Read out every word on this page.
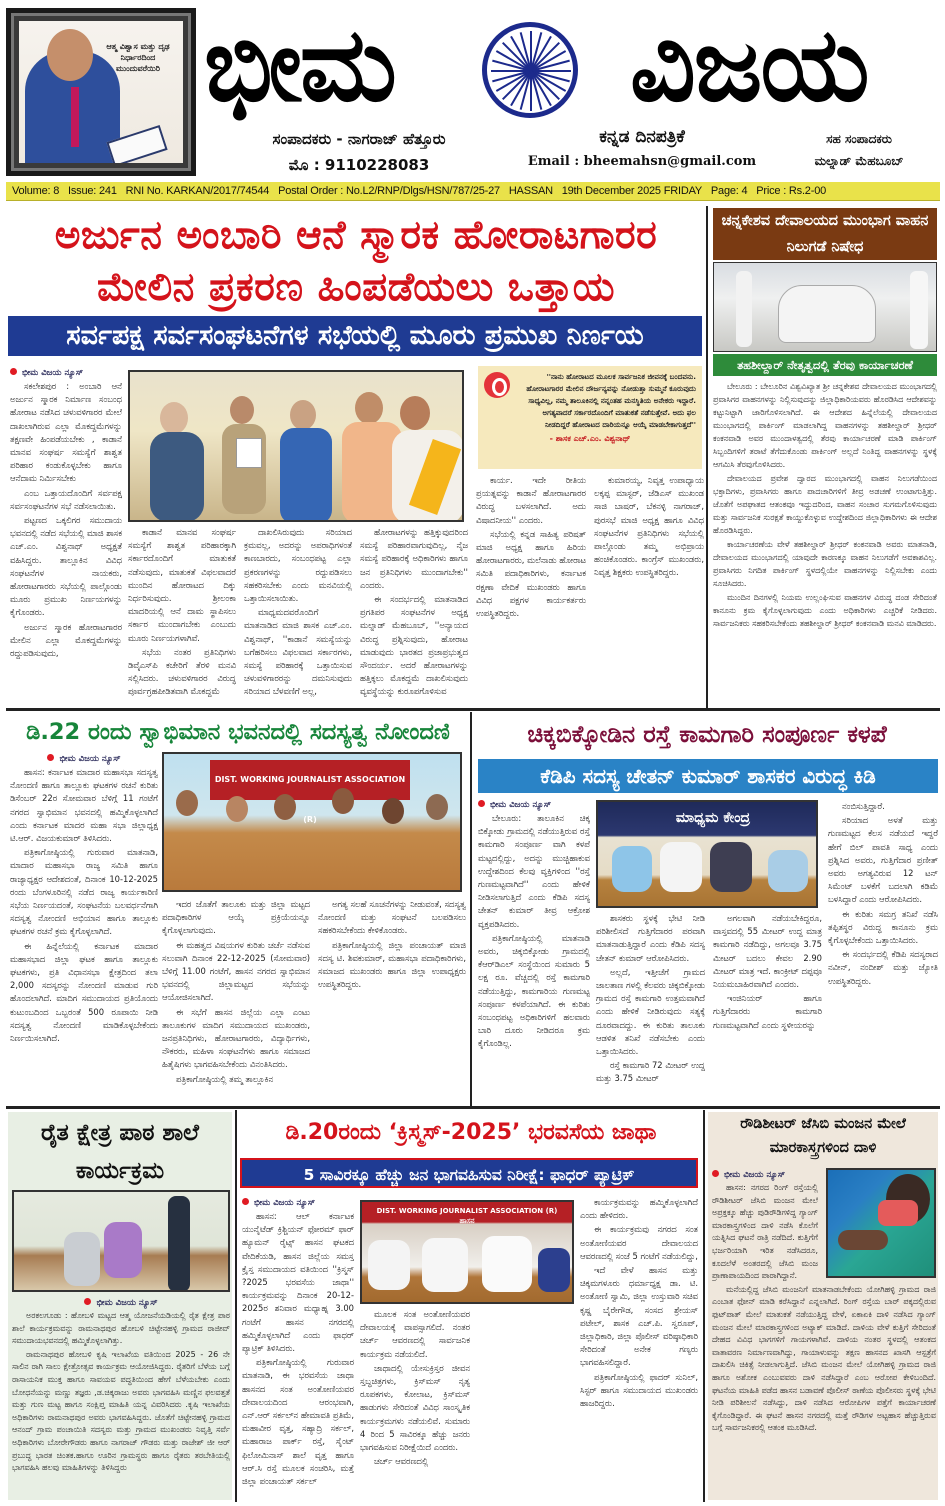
ಆತ್ಮ ವಿಶ್ವಾಸ ಮತ್ತು ದೃಢ ನಿರ್ಧಾರದಿಂದ ಮುಂದುವರೆಯಿರಿ ಭೀಮ ವಿಜಯ
ಸಂಪಾದಕರು - ನಾಗರಾಜ್ ಹೆತ್ತೂರು
ಮೊ : 9110228083
ಕನ್ನಡ ದಿನಪತ್ರಿಕೆ
Email : bheemahsn@gmail.com
ಸಹ ಸಂಪಾದಕರು
ಮಲ್ನಾಡ್ ಮೆಹಬೂಬ್
Volume: 8 Issue: 241 RNI No. KARKAN/2017/74544 Postal Order : No.L2/RNP/Dlgs/HSN/787/25-27 HASSAN 19th December 2025 FRIDAY Page: 4 Price : Rs.2-00
ಅರ್ಜುನ ಅಂಬಾರಿ ಆನೆ ಸ್ಮಾರಕ ಹೋರಾಟಗಾರರ
ಮೇಲಿನ ಪ್ರಕರಣ ಹಿಂಪಡೆಯಲು ಒತ್ತಾಯ
ಸರ್ವಪಕ್ಷ ಸರ್ವಸಂಘಟನೆಗಳ ಸಭೆಯಲ್ಲಿ ಮೂರು ಪ್ರಮುಖ ನಿರ್ಣಯ
ಭೀಮ ವಿಜಯ ನ್ಯೂಸ್

ಸಕಲೇಶಪುರ : ಅಂಬಾರಿ ಆನೆ ಅರ್ಜುನ ಸ್ಮಾರಕ ನಿರ್ಮಾಣ ಸಂಬಂಧ ಹೋರಾಟ ನಡೆಸಿದ ಚಳುವಳಿಗಾರರ ಮೇಲೆ ದಾಖಲಾಗಿರುವ ಎಲ್ಲಾ ಮೊಕದ್ದಮೆಗಳನ್ನು ತಕ್ಷಣವೇ ಹಿಂಪಡೆಯಬೇಕು , ಕಾಡಾನೆ ಮಾನವ ಸಂಘರ್ಷ ಸಮಸ್ಯೆಗೆ ಶಾಶ್ವತ ಪರಿಹಾರ ಕಂಡುಕೊಳ್ಳಬೇಕು ಹಾಗೂ ಆನೆದಾಮ ನಿರ್ಮಿಸಬೇಕು

ಎಂಬ ಒತ್ತಾಯದೊಂದಿಗೆ ಸರ್ವಪಕ್ಷ ಸರ್ವಸಂಘಟನೆಗಳ ಸಭೆ ನಡೆಸಲಾಯಿತು.

ಪಟ್ಟಣದ ಒಕ್ಕಲಿಗರ ಸಮುದಾಯ ಭವನದಲ್ಲಿ ನಡೆದ ಸಭೆಯಲ್ಲಿ ಮಾಜಿ ಶಾಸಕ ಎಚ್.ಎಂ. ವಿಶ್ವನಾಥ್ ಅಧ್ಯಕ್ಷತೆ ವಹಿಸಿದ್ದರು. ತಾಲ್ಲೂಕಿನ ವಿವಿಧ ಸಂಘಟನೆಗಳ ನಾಯಕರು, ಹೋರಾಟಗಾರರು ಸಭೆಯಲ್ಲಿ ಪಾಲ್ಗೊಂಡು ಮೂರು ಪ್ರಮುಖ ನಿರ್ಣಯಗಳನ್ನು ಕೈಗೊಂಡರು.

ಅರ್ಜುನ ಸ್ಮಾರಕ ಹೋರಾಟಗಾರರ ಮೇಲಿನ ಎಲ್ಲಾ ಮೊಕದ್ದಮೆಗಳನ್ನು ರದ್ದುಪಡಿಸುವುದು,

ಕಾಡಾನೆ ಮಾನವ ಸಂಘರ್ಷ ಸಮಸ್ಯೆಗೆ ಶಾಶ್ವತ ಪರಿಹಾರಕ್ಕಾಗಿ ಸರ್ಕಾರದೊಂದಿಗೆ ಮಾತುಕತೆ ನಡೆಸುವುದು, ಮಾತುಕತೆ ವಿಫಲವಾದರೆ ಮುಂದಿನ ಹೋರಾಟದ ದಿಕ್ಕು ನಿರ್ಧರಿಸುವುದು. ಶ್ರೀಲಂಕಾ ಮಾದರಿಯಲ್ಲಿ ಆನೆ ದಾಮ ಸ್ಥಾಪಿಸಲು ಸರ್ಕಾರ ಮುಂದಾಗಬೇಕು ಎಂಬುದು ಮೂರು ನಿರ್ಣಯಗಳಾಗಿವೆ.

ಸಭೆಯ ನಂತರ ಪ್ರತಿನಿಧಿಗಳು ಡಿವೈಎಸ್‌ಪಿ ಕಚೇರಿಗೆ ತೆರಳಿ ಮನವಿ ಸಲ್ಲಿಸಿದರು. ಚಳುವಳಿಗಾರರ ವಿರುದ್ಧ ಪೂರ್ವಗ್ರಹಪೀಡಿತವಾಗಿ ಮೊಕದ್ದಮೆ

ದಾಖಲಿಸಿರುವುದು ಸರಿಯಾದ ಕ್ರಮವಲ್ಲ, ಅದರನ್ನು ಅಪರಾಧಿಗಳಂತೆ ಕಾಣಬಾರದು, ಸಂಬಂಧಪಟ್ಟ ಎಲ್ಲಾ ಪ್ರಕರಣಗಳನ್ನು ರದ್ದುಪಡಿಸಲು ಸಹಕರಿಸಬೇಕು ಎಂದು ಮನವಿಯಲ್ಲಿ ಒತ್ತಾಯಿಸಲಾಯಿತು.

ಮಾಧ್ಯಮದವರೊಂದಿಗೆ ಮಾತನಾಡಿದ ಮಾಜಿ ಶಾಸಕ ಎಚ್.ಎಂ. ವಿಶ್ವನಾಥ್, ''ಕಾಡಾನೆ ಸಮಸ್ಯೆಯನ್ನು ಬಗೆಹರಿಸಲು ವಿಫಲವಾದ ಸರ್ಕಾರಗಳು, ಸಮಸ್ಯೆ ಪರಿಹಾರಕ್ಕೆ ಒತ್ತಾಯಿಸುವ ಚಳುವಳಿಗಾರರನ್ನು ದಮನಿಸುವುದು ಸರಿಯಾದ ಬೆಳವಣಿಗೆ ಅಲ್ಲ,

ಹೋರಾಟಗಳನ್ನು ಹತ್ತಿಕ್ಕುವುದರಿಂದ ಸಮಸ್ಯೆ ಪರಿಹಾರವಾಗುವುದಿಲ್ಲ, ನೈಜ ಸಮಸ್ಯೆ ಪರಿಹಾರಕ್ಕೆ ಅಧಿಕಾರಿಗಳು ಹಾಗೂ ಜನ ಪ್ರತಿನಿಧಿಗಳು ಮುಂದಾಗಬೇಕು'' ಎಂದರು.

ಈ ಸಂದರ್ಭದಲ್ಲಿ ಮಾತನಾಡಿದ ಪ್ರಗತಿಪರ ಸಂಘಟನೆಗಳ ಅಧ್ಯಕ್ಷ ಮಲ್ನಾಡ್ ಮೆಹಬೂಬ್, ''ಅನ್ಯಾಯದ ವಿರುದ್ಧ ಪ್ರಶ್ನಿಸುವುದು, ಹೋರಾಟ ಮಾಡುವುದು ಭಾರತದ ಪ್ರಜಾಪ್ರಭುತ್ವದ ಸೌಂದರ್ಯ. ಅದರೆ ಹೋರಾಟಗಳನ್ನು ಹತ್ತಿಕ್ಕಲು ಮೊಕದ್ದಮೆ ದಾಖಲಿಸುವುದು ವ್ಯವಸ್ಥೆಯನ್ನು ಕುರೂಪಗೊಳಿಸುವ

''ನಾನು ಹೋರಾಟದ ಮೂಲಕ ಸಾರ್ವಜನಿಕ ಜೀವನಕ್ಕೆ ಬಂದವನು. ಹೋರಾಟಗಾರರ ಮೇಲಿನ ದೌರ್ಜನ್ಯವನ್ನು ನೋಡುತ್ತಾ ಸುಮ್ಮನೆ ಕೂರುವುದು ಸಾಧ್ಯವಿಲ್ಲ, ನಮ್ಮ ತಾಲೂಕಿನಲ್ಲಿ ನನ್ನಂತಹ ಮನಸ್ಥಿತಿಯ ಅನೇಕರು ಇದ್ದಾರೆ. ಅಗತ್ಯವಾದರೆ ಸರ್ಕಾರದೊಂದಿಗೆ ಮಾತುಕತೆ ನಡೆಸುತ್ತೇವೆ. ಅದು ಫಲ ನೀಡದಿದ್ದರೆ ಹೋರಾಟದ ದಾರಿಯನ್ನೂ ಆಯ್ಕೆ ಮಾಡಬೇಕಾಗುತ್ತದೆ''
- ಶಾಸಕ ಎಚ್.ಎಂ. ವಿಶ್ವನಾಥ್

ಕಾರ್ಯ. ಇದೇ ರೀತಿಯ ಪ್ರಯತ್ನವನ್ನು ಕಾಡಾನೆ ಹೋರಾಟಗಾರರ ವಿರುದ್ಧ ಬಳಸಲಾಗಿದೆ. ಅದು ವಿಷಾದನೀಯ'' ಎಂದರು.

ಸಭೆಯಲ್ಲಿ ಕನ್ನಡ ಸಾಹಿತ್ಯ ಪರಿಷತ್ ಮಾಜಿ ಅಧ್ಯಕ್ಷ ಹಾಗೂ ಹಿರಿಯ ಹೋರಾಟಗಾರರು, ಮಲೆನಾಡು ಹೋರಾಟ ಸಮಿತಿ ಪದಾಧಿಕಾರಿಗಳು, ಕರ್ನಾಟಕ ರಕ್ಷಣಾ ವೇದಿಕೆ ಮುಖಂಡರು ಹಾಗೂ ವಿವಿಧ ಪಕ್ಷಗಳ ಕಾರ್ಯಕರ್ತರು ಉಪಸ್ಥಿತರಿದ್ದರು.

ಕುಮಾರಯ್ಯ, ನಿವೃತ್ತ ಉಪಾಧ್ಯಾಯ ಲಕ್ಕಪ್ಪ ಮಾಸ್ಟರ್, ಜೆಡಿಎಸ್ ಮುಖಂಡ ಸಾಜಿ ಬಾಷರ್, ಬೆಕನಳ್ಳಿ ನಾಗರಾಜ್, ಪುರಸಭೆ ಮಾಜಿ ಅಧ್ಯಕ್ಷ ಹಾಗೂ ವಿವಿಧ ಸಂಘಟನೆಗಳ ಪ್ರತಿನಿಧಿಗಳು ಸಭೆಯಲ್ಲಿ ಪಾಲ್ಗೊಂಡು ತಮ್ಮ ಅಭಿಪ್ರಾಯ ಹಂಚಿಕೊಂಡರು. ಕಾಂಗ್ರೆಸ್ ಮುಖಂಡರು, ನಿವೃತ್ತ ಶಿಕ್ಷಕರು ಉಪಸ್ಥಿತರಿದ್ದರು.

ಚನ್ನಕೇಶವ ದೇವಾಲಯದ ಮುಂಭಾಗ ವಾಹನ ನಿಲುಗಡೆ ನಿಷೇಧ
ತಹಶೀಲ್ದಾರ್ ನೇತೃತ್ವದಲ್ಲಿ ತೆರವು ಕಾರ್ಯಾಚರಣೆ

ಬೇಲೂರು : ಬೇಲೂರಿನ ವಿಶ್ವವಿಖ್ಯಾತ ಶ್ರೀ ಚನ್ನಕೇಶವ ದೇವಾಲಯದ ಮುಂಭಾಗದಲ್ಲಿ ಪ್ರವಾಸಿಗರ ವಾಹನಗಳನ್ನು ನಿಲ್ಲಿಸುವುದನ್ನು ಜಿಲ್ಲಾಧಿಕಾರಿಯವರು ಹೊರಡಿಸಿದ ಆದೇಶವನ್ನು ಕಟ್ಟುನಿಟ್ಟಾಗಿ ಜಾರಿಗೊಳಿಸಲಾಗಿದೆ. ಈ ಆದೇಶದ ಹಿನ್ನೆಲೆಯಲ್ಲಿ ದೇವಾಲಯದ ಮುಂಭಾಗದಲ್ಲಿ ಪಾರ್ಕಿಂಗ್ ಮಾಡಲಾಗಿದ್ದ ವಾಹನಗಳನ್ನು ತಹಶೀಲ್ದಾರ್ ಶ್ರೀಧರ್ ಕಂಕನವಾಡಿ ಅವರ ಮುಂದಾಳತ್ವದಲ್ಲಿ ತೆರವು ಕಾರ್ಯಾಚರಣೆ ಮಾಡಿ ಪಾರ್ಕಿಂಗ್ ಸಿಬ್ಬಂದಿಗಳಿಗೆ ತರಾಟೆ ತೆಗೆದುಕೊಂಡು ಪಾರ್ಕಿಂಗ್ ಅಲ್ಲದೆ ನಿಂತಿದ್ದ ವಾಹನಗಳನ್ನು ಸ್ಥಳಕ್ಕೆ ಆಗಮಿಸಿ ತೆರವುಗೊಳಿಸಿದರು.

ದೇವಾಲಯದ ಪ್ರವೇಶ ದ್ವಾರದ ಮುಂಭಾಗದಲ್ಲಿ ವಾಹನ ನಿಲುಗಡೆಯಿಂದ ಭಕ್ತಾದಿಗಳು, ಪ್ರವಾಸಿಗರು ಹಾಗೂ ಪಾದಚಾರಿಗಳಿಗೆ ತೀವ್ರ ಅಡಚಣೆ ಉಂಟಾಗುತ್ತಿತ್ತು. ಜೊತೆಗೆ ಅಪಘಾತದ ಆತಂಕವೂ ಇದ್ದುದರಿಂದ, ವಾಹನ ಸಂಚಾರ ಸುಗಮಗೊಳಿಸುವುದು ಮತ್ತು ಸಾರ್ವಜನಿಕ ಸುರಕ್ಷತೆ ಕಾಯ್ದುಕೊಳ್ಳುವ ಉದ್ದೇಶದಿಂದ ಜಿಲ್ಲಾಧಿಕಾರಿಗಳು ಈ ಆದೇಶ ಹೊರಡಿಸಿದ್ದರು.

ಕಾರ್ಯಾಚರಣೆಯ ವೇಳೆ ತಹಶೀಲ್ದಾರ್ ಶ್ರೀಧರ್ ಕಂಕನವಾಡಿ ಅವರು ಮಾತನಾಡಿ, ದೇವಾಲಯದ ಮುಂಭಾಗದಲ್ಲಿ ಯಾವುದೇ ಕಾರಣಕ್ಕೂ ವಾಹನ ನಿಲುಗಡೆಗೆ ಅವಕಾಶವಿಲ್ಲ. ಪ್ರವಾಸಿಗರು ನಿಗದಿತ ಪಾರ್ಕಿಂಗ್ ಸ್ಥಳದಲ್ಲಿಯೇ ವಾಹನಗಳನ್ನು ನಿಲ್ಲಿಸಬೇಕು ಎಂದು ಸೂಚಿಸಿದರು.

ಮುಂದಿನ ದಿನಗಳಲ್ಲಿ ನಿಯಮ ಉಲ್ಲಂಘಿಸುವ ವಾಹನಗಳ ವಿರುದ್ಧ ದಂಡ ಸೇರಿದಂತೆ ಕಾನೂನು ಕ್ರಮ ಕೈಗೊಳ್ಳಲಾಗುವುದು ಎಂದು ಅಧಿಕಾರಿಗಳು ಎಚ್ಚರಿಕೆ ನೀಡಿದರು. ಸಾರ್ವಜನಿಕರು ಸಹಕರಿಸಬೇಕೆಂದು ತಹಶೀಲ್ದಾರ್ ಶ್ರೀಧರ್ ಕಂಕನವಾಡಿ ಮನವಿ ಮಾಡಿದರು.

ಡಿ.22 ರಂದು ಸ್ವಾಭಿಮಾನ ಭವನದಲ್ಲಿ ಸದಸ್ಯತ್ವ ನೋಂದಣಿ
ಭೀಮ ವಿಜಯ ನ್ಯೂಸ್

ಹಾಸನ: ಕರ್ನಾಟಕ ಮಾದಾರ ಮಹಾಸಭಾ ಸದಸ್ಯತ್ವ ನೋಂದಣಿ ಹಾಗೂ ತಾಲ್ಲೂಕು ಘಟಕಗಳ ರಚನೆ ಕುರಿತು ಡಿಸೆಂಬರ್ 22ರ ಸೋಮವಾರ ಬೆಳಿಗ್ಗೆ 11 ಗಂಟೆಗೆ ನಗರದ ಸ್ವಾಭಿಮಾನ ಭವನದಲ್ಲಿ ಹಮ್ಮಿಕೊಳ್ಳಲಾಗಿದೆ ಎಂದು ಕರ್ನಾಟಕ ಮಾದರ ಮಹಾ ಸಭಾ ಜಿಲ್ಲಾಧ್ಯಕ್ಷ ಟಿ.ಆರ್. ವಿಜಯಕುಮಾರ್ ತಿಳಿಸಿದರು.

ಪತ್ರಿಕಾಗೋಷ್ಠಿಯಲ್ಲಿ ಗುರುವಾರ ಮಾತನಾಡಿ, ಮಾದಾರ ಮಹಾಸಭಾ ರಾಜ್ಯ ಸಮಿತಿ ಹಾಗೂ ರಾಜ್ಯಾಧ್ಯಕ್ಷರ ಆದೇಶದಂತೆ, ದಿನಾಂಕ 10-12-2025 ರಂದು ಬೆಂಗಳೂರಿನಲ್ಲಿ ನಡೆದ ರಾಜ್ಯ ಕಾರ್ಯಕಾರಿಣಿ ಸಭೆಯ ನಿರ್ಣಯದಂತೆ, ಸಂಘಟನೆಯ ಬಲವರ್ಧನೆಗಾಗಿ ಸದಸ್ಯತ್ವ ನೋಂದಣಿ ಅಭಿಯಾನ ಹಾಗೂ ತಾಲ್ಲೂಕು ಘಟಕಗಳ ರಚನೆ ಕ್ರಮ ಕೈಗೊಳ್ಳಲಾಗಿದೆ.

ಈ ಹಿನ್ನೆಲೆಯಲ್ಲಿ ಕರ್ನಾಟಕ ಮಾದಾರ ಮಹಾಸಭಾದ ಜಿಲ್ಲಾ ಘಟಕ ಹಾಗೂ ತಾಲ್ಲೂಕು ಘಟಕಗಳು, ಪ್ರತಿ ವಿಧಾನಸಭಾ ಕ್ಷೇತ್ರದಿಂದ ತಲಾ 2,000 ಸದಸ್ಯರನ್ನು ನೋಂದಣಿ ಮಾಡುವ ಗುರಿ ಹೊಂದಲಾಗಿದೆ. ಮಾದಿಗ ಸಮುದಾಯದ ಪ್ರತಿಯೊಂದು ಕುಟುಂಬದಿಂದ ಒಬ್ಬರಂತೆ 500 ರೂಪಾಯಿ ನೀಡಿ ಸದಸ್ಯತ್ವ ನೋಂದಣಿ ಮಾಡಿಕೊಳ್ಳಬೇಕೆಂದು ನಿರ್ಣಯಿಸಲಾಗಿದೆ.

DIST. WORKING JOURNALIST ASSOCIATION (R)

ಇದರ ಜೊತೆಗೆ ತಾಲೂಕು ಮತ್ತು ಜಿಲ್ಲಾ ಮಟ್ಟದ ಪದಾಧಿಕಾರಿಗಳ ಆಯ್ಕೆ ಪ್ರಕ್ರಿಯೆಯನ್ನೂ ಕೈಗೊಳ್ಳಲಾಗುವುದು.

ಈ ಮಹತ್ವದ ವಿಷಯಗಳ ಕುರಿತು ಚರ್ಚೆ ನಡೆಸುವ ಸಲುವಾಗಿ ದಿನಾಂಕ 22-12-2025 (ಸೋಮವಾರ) ಬೆಳಿಗ್ಗೆ 11.00 ಗಂಟೆಗೆ, ಹಾಸನ ನಗರದ ಸ್ವಾಭಿಮಾನ ಭವನದಲ್ಲಿ ಜಿಲ್ಲಾಮಟ್ಟದ ಸಭೆಯನ್ನು ಆಯೋಜಿಸಲಾಗಿದೆ.

ಈ ಸಭೆಗೆ ಹಾಸನ ಜಿಲ್ಲೆಯ ಎಲ್ಲಾ ಎಂಟು ತಾಲೂಕುಗಳ ಮಾದಿಗ ಸಮುದಾಯದ ಮುಖಂಡರು, ಜನಪ್ರತಿನಿಧಿಗಳು, ಹೋರಾಟಗಾರರು, ವಿದ್ಯಾರ್ಥಿಗಳು, ನೌಕರರು, ಮಹಿಳಾ ಸಂಘಟನೆಗಳು ಹಾಗೂ ಸಮಾಜದ ಹಿತೈಷಿಗಳು ಭಾಗವಹಿಸಬೇಕೆಂದು ವಿನಂತಿಸಿದರು.

ಪತ್ರಿಕಾಗೋಷ್ಠಿಯಲ್ಲಿ ತಮ್ಮ ತಾಲ್ಲೂಕಿನ

ಅಗತ್ಯ ಸಲಹೆ ಸೂಚನೆಗಳನ್ನು ನೀಡುವಂತೆ, ಸದಸ್ಯತ್ವ ನೋಂದಣಿ ಮತ್ತು ಸಂಘಟನೆ ಬಲಪಡಿಸಲು ಸಹಕರಿಸಬೇಕೆಂದು ಕೇಳಿಕೊಂಡರು.

ಪತ್ರಿಕಾಗೋಷ್ಠಿಯಲ್ಲಿ ಜಿಲ್ಲಾ ಪಂಚಾಯತ್ ಮಾಜಿ ಸದಸ್ಯ ಟಿ. ಶಿವಕುಮಾರ್, ಮಹಾಸಭಾ ಪದಾಧಿಕಾರಿಗಳು, ಸಮಾಜದ ಮುಖಂಡರು ಹಾಗೂ ಜಿಲ್ಲಾ ಉಪಾಧ್ಯಕ್ಷರು ಉಪಸ್ಥಿತರಿದ್ದರು.

ಚಿಕ್ಕಬಿಕ್ಕೋಡಿನ ರಸ್ತೆ ಕಾಮಗಾರಿ ಸಂಪೂರ್ಣ ಕಳಪೆ
ಕೆಡಿಪಿ ಸದಸ್ಯ ಚೇತನ್ ಕುಮಾರ್ ಶಾಸಕರ ವಿರುದ್ಧ ಕಿಡಿ
ಭೀಮ ವಿಜಯ ನ್ಯೂಸ್

ಬೇಲೂರು: ತಾಲೂಕಿನ ಚಿಕ್ಕ ಬಿಕ್ಕೋಡು ಗ್ರಾಮದಲ್ಲಿ ನಡೆಯುತ್ತಿರುವ ರಸ್ತೆ ಕಾಮಗಾರಿ ಸಂಪೂರ್ಣ ವಾಗಿ ಕಳಪೆ ಮಟ್ಟದಲ್ಲಿದ್ದು, ಅದನ್ನು ಮುಚ್ಚಿಹಾಕುವ ಉದ್ದೇಶದಿಂದ ಕೆಲವು ವ್ಯಕ್ತಿಗಳಿಂದ ''ರಸ್ತೆ ಗುಣಮಟ್ಟವಾಗಿದೆ'' ಎಂದು ಹೇಳಿಕೆ ನೀಡಿಸಲಾಗುತ್ತಿದೆ ಎಂದು ಕೆಡಿಪಿ ಸದಸ್ಯ ಚೇತನ್ ಕುಮಾರ್ ತೀವ್ರ ಆಕ್ರೋಶ ವ್ಯಕ್ತಪಡಿಸಿದರು.

ಪತ್ರಿಕಾಗೋಷ್ಠಿಯಲ್ಲಿ ಮಾತನಾಡಿ ಅವರು, ಚಿಕ್ಕಬಿಕ್ಕೋಡು ಗ್ರಾಮದಲ್ಲಿ ಕೆಆರ್‌ಡಿಎಲ್ ಸಂಸ್ಥೆಯಿಂದ ಸುಮಾರು 5 ಲಕ್ಷ ರೂ. ವೆಚ್ಚದಲ್ಲಿ ರಸ್ತೆ ಕಾಮಗಾರಿ ನಡೆಯುತ್ತಿದ್ದು, ಕಾಮಗಾರಿಯ ಗುಣಮಟ್ಟ ಸಂಪೂರ್ಣ ಕಳಪೆಯಾಗಿದೆ. ಈ ಕುರಿತು ಸಂಬಂಧಪಟ್ಟ ಅಧಿಕಾರಿಗಳಿಗೆ ಹಲವಾರು ಬಾರಿ ದೂರು ನೀಡಿದರೂ ಕ್ರಮ ಕೈಗೊಂಡಿಲ್ಲ.

ಮಾಧ್ಯಮ ಕೇಂದ್ರ

ಶಾಸಕರು ಸ್ಥಳಕ್ಕೆ ಭೇಟಿ ನೀಡಿ ಪರಿಶೀಲಿಸದೆ ಗುತ್ತಿಗೆದಾರರ ಪರವಾಗಿ ಮಾತನಾಡುತ್ತಿದ್ದಾರೆ ಎಂದು ಕೆಡಿಪಿ ಸದಸ್ಯ ಚೇತನ್ ಕುಮಾರ್ ಆರೋಪಿಸಿದರು.

ಅಲ್ಲದೆ, ಇತ್ತೀಚೆಗೆ ಗ್ರಾಮದ ಜಾಲತಾಣ ಗಳಲ್ಲಿ ಕೆಲವರು ಚಿಕ್ಕಬಿಕ್ಕೋಡು ಗ್ರಾಮದ ರಸ್ತೆ ಕಾಮಗಾರಿ ಉತ್ತಮವಾಗಿದೆ ಎಂದು ಹೇಳಿಕೆ ನೀಡಿರುವುದು ಸತ್ಯಕ್ಕೆ ದೂರವಾದದ್ದು. ಈ ಕುರಿತು ತಾಲೂಕು ಆಡಳಿತ ತನಿಖೆ ನಡೆಸಬೇಕು ಎಂದು ಒತ್ತಾಯಿಸಿದರು.

ರಸ್ತೆ ಕಾಮಗಾರಿ 72 ಮೀಟರ್ ಉದ್ದ ಮತ್ತು 3.75 ಮೀಟರ್

ಅಗಲವಾಗಿ ನಡೆಯಬೇಕಿದ್ದರೂ, ವಾಸ್ತವದಲ್ಲಿ 55 ಮೀಟರ್ ಉದ್ದ ಮಾತ್ರ ಕಾಮಗಾರಿ ನಡೆದಿದ್ದು, ಅಗಲವೂ 3.75 ಮೀಟರ್ ಬದಲು ಕೇವಲ 2.90 ಮೀಟರ್ ಮಾತ್ರ ಇದೆ. ಕಾಂಕ್ರೀಟ್ ದಪ್ಪವೂ ನಿಯಮಬಾಹಿರವಾಗಿದೆ ಎಂದರು.

ಇಂಜಿನಿಯರ್ ಹಾಗೂ ಗುತ್ತಿಗೆದಾರರು ಕಾಮಗಾರಿ ಗುಣಮಟ್ಟವಾಗಿದೆ ಎಂದು ಸ್ಥಳೀಯರನ್ನು

ನಂಬಿಸುತ್ತಿದ್ದಾರೆ.

ಸರಿಯಾದ ಅಳತೆ ಮತ್ತು ಗುಣಮಟ್ಟದ ಕೆಲಸ ನಡೆಯದೆ ಇದ್ದರೆ ಹೇಗೆ ಬಿಲ್ ಪಾವತಿ ಸಾಧ್ಯ ಎಂದು ಪ್ರಶ್ನಿಸಿದ ಅವರು, ಗುತ್ತಿಗೆದಾರ ಪ್ರಣೀತ್ ಅವರು ಅಗತ್ಯವಿರುವ 12 ಟನ್ ಸಿಮೆಂಟ್ ಬಳಕೆಗೆ ಬದಲಾಗಿ ಕಡಿಮೆ ಬಳಸಿದ್ದಾರೆ ಎಂದು ಆರೋಪಿಸಿದರು.

ಈ ಕುರಿತು ಸಮಗ್ರ ತನಿಖೆ ನಡೆಸಿ ತಪ್ಪಿತಸ್ಥರ ವಿರುದ್ಧ ಕಾನೂನು ಕ್ರಮ ಕೈಗೊಳ್ಳಬೇಕೆಂದು ಒತ್ತಾಯಿಸಿದರು.

ಈ ಸಂದರ್ಭದಲ್ಲಿ ಕೆಡಿಪಿ ಸದಸ್ಯರಾದ ನವೀನ್, ನಂದೀಶ್ ಮತ್ತು ಜ್ಯೋತಿ ಉಪಸ್ಥಿತರಿದ್ದರು.

ರೈತ ಕ್ಷೇತ್ರ ಪಾಠ ಶಾಲೆ ಕಾರ್ಯಕ್ರಮ
ಭೀಮ ವಿಜಯ ನ್ಯೂಸ್

ಅರಕಲಗೂಡು : ಹೋಬಳಿ ಮಟ್ಟದ ಆತ್ಮ ಯೋಜನೆಯಡಿಯಲ್ಲಿ ರೈತ ಕ್ಷೇತ್ರ ಪಾಠ ಶಾಲೆ ಕಾರ್ಯಕ್ರಮವನ್ನು ರಾಮನಾಥಪುರ ಹೋಬಳಿ ಚಿಟ್ಟೇನಹಳ್ಳಿ ಗ್ರಾಮದ ರಾಜೀವ್ ಸಮುದಾಯಭವನದಲ್ಲಿ ಹಮ್ಮಿಕೊಳ್ಳಲಾಗಿತ್ತು.

ರಾಮನಾಥಪುರ ಹೋಬಳಿ ಕೃಷಿ ಇಲಾಖೆಯ ವತಿಯಿಂದ 2025 - 26 ನೇ ಸಾಲಿನ ರಾಗಿ ಸಾಲು ಕ್ಷೇತ್ರೋತ್ಸವ ಕಾರ್ಯಕ್ರಮ ಆಯೋಜಿಸಿದ್ದರು. ರೈತರಿಗೆ ಬೆಳೆಯ ಬಗ್ಗೆ ರಾಸಾಯನಿಕ ಮುಕ್ತ ಹಾಗೂ ಸಾವಯವ ಪದ್ಧತಿಯಿಂದ ಹೇಗೆ ಬೆಳೆಯಬೇಕು ಎಂದು ಬೋಧನೆಯನ್ನು ಮಣ್ಣು ತಜ್ಞರು ,ಡ.ಚಿಕ್ಕರಾಜು ಅವರು ಭಾಗವಹಿಸಿ ಮಣ್ಣಿನ ಫಲವತ್ತತೆ ಮತ್ತು ಗುಣ ಮಟ್ಟ ಹಾಗೂ ಸಂಕ್ಷಿಪ್ತ ಮಾಹಿತಿ ಯನ್ನ ವಿವರಿಸಿದರು .ಕೃಷಿ ಇಲಾಖೆಯ ಅಧಿಕಾರಿಗಳು ರಾಮನಾಥಪುರ ಅವರು ಭಾಗವಹಿಸಿದ್ದರು. ಜೊತೆಗೆ ಚಿಟ್ಟೇನಹಳ್ಳಿ ಗ್ರಾಮದ ಆನಂದ್ ಗ್ರಾಮ ಪಂಚಾಯಿತಿ ಸದಸ್ಯರು ಮತ್ತು ಗ್ರಾಮದ ಮುಖಂಡರು ನಿವೃತ್ತಿ ಸರ್ವೆ ಅಧಿಕಾರಿಗಳು ಬೋರೇಗೌಡರು ಹಾಗೂ ನಾಗರಾಜ್ ಗೌಡರು ಮತ್ತು ರಾಜೇಶ್ ಜೀ ಆರ್ ಪ್ರಬುದ್ಧ ಭಾರತ ಚಿಂತಕ.ಹಾಗೂ ಊರಿನ ಗ್ರಾಮಸ್ಥರು ಹಾಗೂ ರೈತರು ತರಬೇತಿಯಲ್ಲಿ ಭಾಗವಹಿಸಿ ಹಲವು ಮಾಹಿತಿಗಳನ್ನು ತಿಳಿಸಿದ್ದರು

ಡಿ.20ರಂದು ‘ಕ್ರಿಸ್ಮಸ್-2025’ ಭರವಸೆಯ ಜಾಥಾ
5 ಸಾವಿರಕ್ಕೂ ಹೆಚ್ಚು ಜನ ಭಾಗವಹಿಸುವ ನಿರೀಕ್ಷೆ: ಫಾಧರ್ ಪ್ಯಾಟ್ರಿಕ್
ಭೀಮ ವಿಜಯ ನ್ಯೂಸ್

ಹಾಸನ: ಆಲ್ ಕರ್ನಾಟಕ ಯುನೈಟೆಡ್ ಕ್ರಿಶ್ಚಿಯನ್ ಫೋರಮ್ ಫಾರ್ ಹ್ಯೂಮನ್ ರೈಟ್ಸ್ ಹಾಸನ ಘಟಕದ ವೇದಿಕೆಯಡಿ, ಹಾಸನ ಜಿಲ್ಲೆಯ ಸಮಸ್ತ ಕ್ರೈಸ್ತ ಸಮುದಾಯದ ವತಿಯಿಂದ ''ಕ್ರಿಸ್ಮಸ್ ?2025 ಭರವಸೆಯ ಜಾಥಾ'' ಕಾರ್ಯಕ್ರಮವನ್ನು ದಿನಾಂಕ 20-12-2025ರ ಶನಿವಾರ ಮಧ್ಯಾಹ್ನ 3.00 ಗಂಟೆಗೆ ಹಾಸನ ನಗರದಲ್ಲಿ ಹಮ್ಮಿಕೊಳ್ಳಲಾಗಿದೆ ಎಂದು ಫಾಧರ್ ಪ್ಯಾಟ್ರಿಕ್ ತಿಳಿಸಿದರು.

ಪತ್ರಿಕಾಗೋಷ್ಠಿಯಲ್ಲಿ ಗುರುವಾರ ಮಾತನಾಡಿ, ಈ ಭರವಸೆಯ ಜಾಥಾ ಹಾಸನದ ಸಂತ ಅಂತೋಣಿಯವರ ದೇವಾಲಯದಿಂದ ಆರಂಭವಾಗಿ, ಎನ್.ಆರ್ ಸರ್ಕಲ್‌ನ ಹೇಮಾವತಿ ಪ್ರತಿಮೆ, ಮಹಾವೀರ ವೃತ್ತ, ಸಹ್ಯಾದ್ರಿ ಸರ್ಕಲ್, ಮಹಾರಾಜ ಪಾರ್ಕ್ ರಸ್ತೆ, ಸೈಂಟ್ ಫಿಲೋಮಿನಾಸ್ ಶಾಲೆ ವೃತ್ತ ಹಾಗೂ ಆರ್.ಸಿ ರಸ್ತೆ ಮೂಲಕ ಸಂಚರಿಸಿ, ಮತ್ತೆ ಜಿಲ್ಲಾ ಪಂಚಾಯತ್ ಸರ್ಕಲ್

DIST. WORKING JOURNALIST ASSOCIATION (R) ಹಾಸನ

ಮೂಲಕ ಸಂತ ಅಂತೋಣಿಯವರ ದೇವಾಲಯಕ್ಕೆ ವಾಪಸ್ಸಾಗಲಿದೆ. ನಂತರ ಚರ್ಚ್ ಆವರಣದಲ್ಲಿ ಸಾರ್ವಜನಿಕ ಕಾರ್ಯಕ್ರಮ ನಡೆಯಲಿದೆ.

ಜಾಥಾದಲ್ಲಿ ಯೇಸುಕ್ರಿಸ್ತರ ಜೀವನ ಸ್ತಬ್ಧಚಿತ್ರಗಳು, ಕ್ರಿಸ್‌ಮಸ್ ನೃತ್ಯ ರೂಪಕಗಳು, ಕೋಲಾಟ, ಕ್ರಿಸ್‌ಮಸ್ ಹಾಡುಗಳು ಸೇರಿದಂತೆ ವಿವಿಧ ಸಾಂಸ್ಕೃತಿಕ ಕಾರ್ಯಕ್ರಮಗಳು ನಡೆಯಲಿವೆ. ಸುಮಾರು 4 ರಿಂದ 5 ಸಾವಿರಕ್ಕೂ ಹೆಚ್ಚು ಜನರು ಭಾಗವಹಿಸುವ ನಿರೀಕ್ಷೆಯಿದೆ ಎಂದರು.

ಚರ್ಚ್ ಆವರಣದಲ್ಲಿ

ಕಾರ್ಯಕ್ರಮವನ್ನು ಹಮ್ಮಿಕೊಳ್ಳಲಾಗಿದೆ ಎಂದು ಹೇಳಿದರು.

ಈ ಕಾರ್ಯಕ್ರಮವು ನಗರದ ಸಂತ ಅಂತೋಣಿಯವರ ದೇವಾಲಯದ ಆವರಣದಲ್ಲಿ ಸಂಜೆ 5 ಗಂಟೆಗೆ ನಡೆಯಲಿದ್ದು,

ಇದೆ ವೇಳೆ ಹಾಸನ ಮತ್ತು ಚಿಕ್ಕಮಗಳೂರು ಧರ್ಮಾಧ್ಯಕ್ಷ ಡಾ. ಟಿ. ಅಂತೋಣಿ ಸ್ವಾಮಿ, ಜಿಲ್ಲಾ ಉಸ್ತುವಾರಿ ಸಚಿವ ಕೃಷ್ಣ ಬೈರೇಗೌಡ, ಸಂಸದ ಶ್ರೇಯಸ್ ಪಟೇಲ್, ಶಾಸಕ ಎಚ್.ಪಿ. ಸ್ವರೂಪ್, ಜಿಲ್ಲಾಧಿಕಾರಿ, ಜಿಲ್ಲಾ ಪೊಲೀಸ್ ವರಿಷ್ಠಾಧಿಕಾರಿ ಸೇರಿದಂತೆ ಅನೇಕ ಗಣ್ಯರು ಭಾಗವಹಿಸಲಿದ್ದಾರೆ.

ಪತ್ರಿಕಾಗೋಷ್ಠಿಯಲ್ಲಿ ಫಾದರ್ ಸುನಿಲ್, ಸಿಸ್ಟರ್ ಹಾಗೂ ಸಮುದಾಯದ ಮುಖಂಡರು ಹಾಜರಿದ್ದರು.

ರೌಡಿಶೀಟರ್ ಜೆಸಿಬಿ ಮಂಜನ ಮೇಲೆ ಮಾರಕಾಸ್ತ್ರಗಳಿಂದ ದಾಳಿ
ಭೀಮ ವಿಜಯ ನ್ಯೂಸ್

ಹಾಸನ: ನಗರದ ರಿಂಗ್ ರಸ್ತೆಯಲ್ಲಿ ರೌಡಿಶೀಟರ್ ಜೆಸಿಬಿ ಮಂಜನ ಮೇಲೆ ಅಪ್ರಕ್ತಕ್ಕೂ ಹೆಚ್ಚು ಪುಡಿರೌಡಿಗಳಿದ್ದ ಗ್ಯಾಂಗ್ ಮಾರಕಾಸ್ತ್ರಗಳಿಂದ ದಾಳಿ ನಡೆಸಿ ಕೊಲೆಗೆ ಯತ್ನಿಸಿದ ಘಟನೆ ರಾತ್ರಿ ನಡೆದಿದೆ. ಕುತ್ತಿಗೆಗೆ ಭರ್ಜರಿಯಾಗಿ ಇರಿತ ನಡೆಸಿದರೂ, ಕೂದಲೆಳೆ ಅಂತರದಲ್ಲಿ ಜೆಸಿಬಿ ಮಂಜ ಪ್ರಾಣಾಪಾಯದಿಂದ ಪಾರಾಗಿದ್ದಾನೆ.

ಮನೆಯಲ್ಲಿದ್ದ ಜೆಸಿಬಿ ಮಂಜನಿಗೆ ಮಾತನಾಡಬೇಕೆಂದು ಯೋಗಿಹಳ್ಳಿ ಗ್ರಾಮದ ರಾಜಿ ಎಂಬಾತ ಫೋನ್ ಮಾಡಿ ಕರೆಸಿದ್ದಾನೆ ಎನ್ನಲಾಗಿದೆ. ರಿಂಗ್ ರಸ್ತೆಯ ಬಾರ್ ಪಕ್ಕದಲ್ಲಿರುವ ಫುಟ್‌ಪಾತ್ ಮೇಲೆ ಮಾತುಕತೆ ನಡೆಯುತ್ತಿದ್ದ ವೇಳೆ, ಏಕಾಏಕಿ ದಾಳಿ ನಡೆಸಿದ ಗ್ಯಾಂಗ್ ಮಂಜನ ಮೇಲೆ ಮಾರಕಾಸ್ತ್ರಗಳಿಂದ ಅಟ್ಯಾಕ್ ಮಾಡಿದೆ. ದಾಳಿಯ ವೇಳೆ ಕುತ್ತಿಗೆ ಸೇರಿದಂತೆ ದೇಹದ ವಿವಿಧ ಭಾಗಗಳಿಗೆ ಗಾಯಗಳಾಗಿವೆ. ದಾಳಿಯ ನಂತರ ಸ್ಥಳದಲ್ಲಿ ಆತಂಕದ ವಾತಾವರಣ ನಿರ್ಮಾಣವಾಗಿದ್ದು, ಗಾಯಾಳುವನ್ನು ತಕ್ಷಣ ಹಾಸನದ ಖಾಸಗಿ ಆಸ್ಪತ್ರೆಗೆ ದಾಖಲಿಸಿ ಚಿಕಿತ್ಸೆ ನೀಡಲಾಗುತ್ತಿದೆ. ಜೆಸಿಬಿ ಮಂಜನ ಮೇಲೆ ಯೋಗಿಹಳ್ಳಿ ಗ್ರಾಮದ ರಾಜಿ ಹಾಗೂ ಅಶೋಕ ಎಂಬುವವರು ದಾಳಿ ನಡೆಸಿದ್ದಾರೆ ಎಂಬ ಆರೋಪ ಕೇಳಿಬಂದಿದೆ. ಘಟನೆಯ ಮಾಹಿತಿ ಪಡೆದ ಹಾಸನ ಬಡಾವಣೆ ಪೊಲೀಸ್ ಠಾಣೆಯ ಪೊಲೀಸರು ಸ್ಥಳಕ್ಕೆ ಭೇಟಿ ನೀಡಿ ಪರಿಶೀಲನೆ ನಡೆಸಿದ್ದು, ದಾಳಿ ನಡೆಸಿದ ಆರೋಪಿಗಳ ಪತ್ತೆಗೆ ಕಾರ್ಯಾಚರಣೆ ಕೈಗೊಂಡಿದ್ದಾರೆ. ಈ ಘಟನೆ ಹಾಸನ ನಗರದಲ್ಲಿ ಮತ್ತೆ ರೌಡಿಗಳ ಅಟ್ಟಹಾಸ ಹೆಚ್ಚುತ್ತಿರುವ ಬಗ್ಗೆ ಸಾರ್ವಜನಿಕರಲ್ಲಿ ಆತಂಕ ಮೂಡಿಸಿದೆ.
